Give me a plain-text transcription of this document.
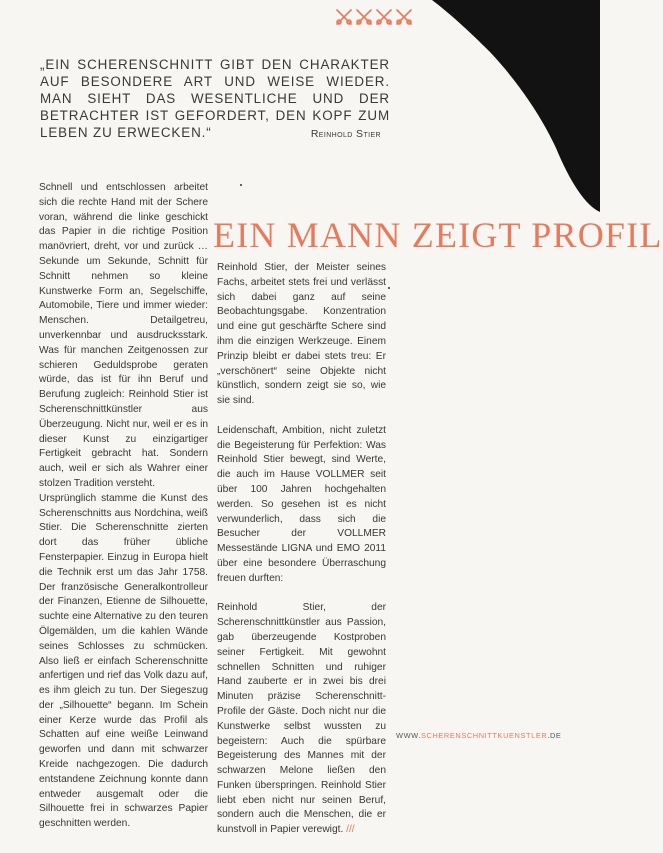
„EIN SCHERENSCHNITT GIBT DEN CHARAKTER AUF BESONDERE ART UND WEISE WIEDER. MAN SIEHT DAS WESENTLICHE UND DER BETRACHTER IST GEFORDERT, DEN KOPF ZUM LEBEN ZU ERWECKEN.“	Reinhold Stier
EIN MANN ZEIGT PROFIL

Schnell und entschlossen arbeitet sich die rechte Hand mit der Schere voran, während die linke geschickt das Papier in die richtige Position manövriert, dreht, vor und zurück … Sekunde um Sekunde, Schnitt für Schnitt nehmen so kleine Kunstwerke Form an, Segelschiffe, Automobile, Tiere und immer wieder: Menschen. Detailgetreu, unverkennbar und ausdrucksstark. Was für manchen Zeitgenossen zur schieren Geduldsprobe geraten würde, das ist für ihn Beruf und Berufung zugleich: Reinhold Stier ist Scherenschnittkünstler aus Überzeugung. Nicht nur, weil er es in dieser Kunst zu einzigartiger Fertigkeit gebracht hat. Sondern auch, weil er sich als Wahrer einer stolzen Tradition versteht.

Ursprünglich stamme die Kunst des Scherenschnitts aus Nordchina, weiß Stier. Die Scherenschnitte zierten dort das früher übliche Fensterpapier. Einzug in Europa hielt die Technik erst um das Jahr 1758. Der französische Generalkontrolleur der Finanzen, Etienne de Silhouette, suchte eine Alternative zu den teuren Ölgemälden, um die kahlen Wände seines Schlosses zu schmücken. Also ließ er einfach Scherenschnitte anfertigen und rief das Volk dazu auf, es ihm gleich zu tun. Der Siegeszug der „Silhouette“ begann. Im Schein einer Kerze wurde das Profil als Schatten auf eine weiße Leinwand geworfen und dann mit schwarzer Kreide nachgezogen. Die dadurch entstandene Zeichnung konnte dann entweder ausgemalt oder die Silhouette frei in schwarzes Papier geschnitten werden.

Reinhold Stier, der Meister seines Fachs, arbeitet stets frei und verlässt sich dabei ganz auf seine Beobachtungsgabe. Konzentration und eine gut geschärfte Schere sind ihm die einzigen Werkzeuge. Einem Prinzip bleibt er dabei stets treu: Er „verschönert“ seine Objekte nicht künstlich, sondern zeigt sie so, wie sie sind.

Leidenschaft, Ambition, nicht zuletzt die Begeisterung für Perfektion: Was Reinhold Stier bewegt, sind Werte, die auch im Hause VOLLMER seit über 100 Jahren hochgehalten werden. So gesehen ist es nicht verwunderlich, dass sich die Besucher der VOLLMER Messestände LIGNA und EMO 2011 über eine besondere Überraschung freuen durften:

Reinhold Stier, der Scherenschnittkünstler aus Passion, gab überzeugende Kostproben seiner Fertigkeit. Mit gewohnt schnellen Schnitten und ruhiger Hand zauberte er in zwei bis drei Minuten präzise Scherenschnitt-Profile der Gäste. Doch nicht nur die Kunstwerke selbst wussten zu begeistern: Auch die spürbare Begeisterung des Mannes mit der schwarzen Melone ließen den Funken überspringen. Reinhold Stier liebt eben nicht nur seinen Beruf, sondern auch die Menschen, die er kunstvoll in Papier verewigt. ///

WWW.SCHERENSCHNITTKUENSTLER.DE
